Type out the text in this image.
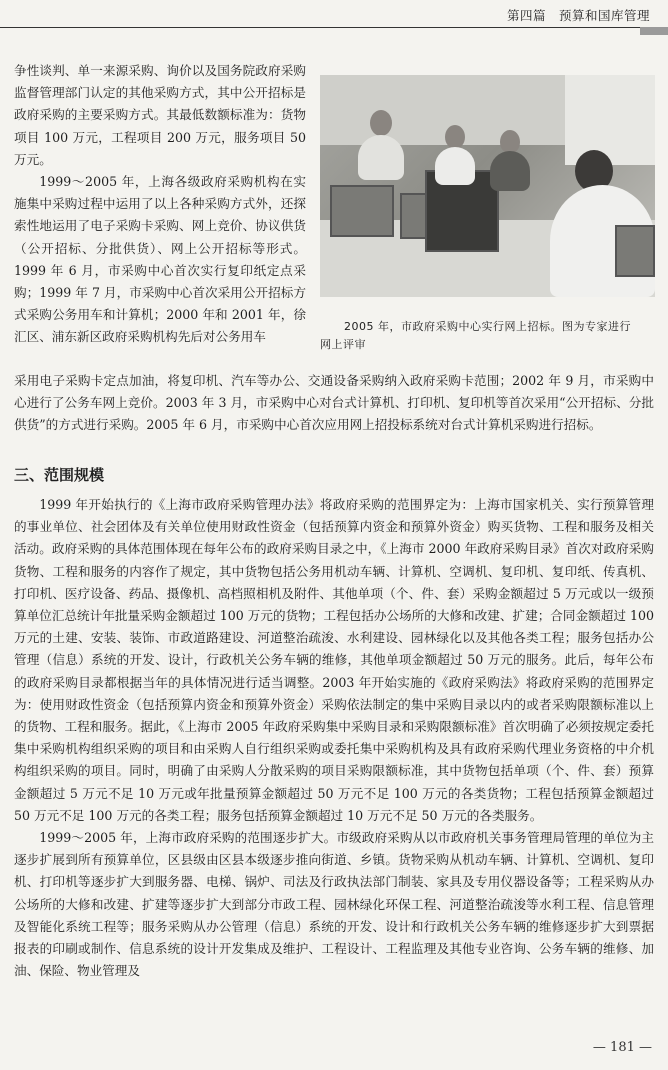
第四篇　预算和国库管理

争性谈判、单一来源采购、询价以及国务院政府采购监督管理部门认定的其他采购方式，其中公开招标是政府采购的主要采购方式。其最低数额标准为：货物项目 100 万元，工程项目 200 万元，服务项目 50 万元。

1999～2005 年，上海各级政府采购机构在实施集中采购过程中运用了以上各种采购方式外，还探索性地运用了电子采购卡采购、网上竞价、协议供货（公开招标、分批供货）、网上公开招标等形式。1999 年 6 月，市采购中心首次实行复印纸定点采购；1999 年 7 月，市采购中心首次采用公开招标方式采购公务用车和计算机；2000 年和 2001 年，徐汇区、浦东新区政府采购机构先后对公务用车

2005 年，市政府采购中心实行网上招标。图为专家进行
网上评审

采用电子采购卡定点加油，将复印机、汽车等办公、交通设备采购纳入政府采购卡范围；2002 年 9 月，市采购中心进行了公务车网上竞价。2003 年 3 月，市采购中心对台式计算机、打印机、复印机等首次采用“公开招标、分批供货”的方式进行采购。2005 年 6 月，市采购中心首次应用网上招投标系统对台式计算机采购进行招标。

三、范围规模

1999 年开始执行的《上海市政府采购管理办法》将政府采购的范围界定为：上海市国家机关、实行预算管理的事业单位、社会团体及有关单位使用财政性资金（包括预算内资金和预算外资金）购买货物、工程和服务及相关活动。政府采购的具体范围体现在每年公布的政府采购目录之中，《上海市 2000 年政府采购目录》首次对政府采购货物、工程和服务的内容作了规定，其中货物包括公务用机动车辆、计算机、空调机、复印机、复印纸、传真机、打印机、医疗设备、药品、摄像机、高档照相机及附件、其他单项（个、件、套）采购金额超过 5 万元或以一级预算单位汇总统计年批量采购金额超过 100 万元的货物；工程包括办公场所的大修和改建、扩建；合同金额超过 100 万元的土建、安装、装饰、市政道路建设、河道整治疏浚、水利建设、园林绿化以及其他各类工程；服务包括办公管理（信息）系统的开发、设计，行政机关公务车辆的维修，其他单项金额超过 50 万元的服务。此后，每年公布的政府采购目录都根据当年的具体情况进行适当调整。2003 年开始实施的《政府采购法》将政府采购的范围界定为：使用财政性资金（包括预算内资金和预算外资金）采购依法制定的集中采购目录以内的或者采购限额标准以上的货物、工程和服务。据此，《上海市 2005 年政府采购集中采购目录和采购限额标准》首次明确了必须按规定委托集中采购机构组织采购的项目和由采购人自行组织采购或委托集中采购机构及具有政府采购代理业务资格的中介机构组织采购的项目。同时，明确了由采购人分散采购的项目采购限额标准，其中货物包括单项（个、件、套）预算金额超过 5 万元不足 10 万元或年批量预算金额超过 50 万元不足 100 万元的各类货物；工程包括预算金额超过 50 万元不足 100 万元的各类工程；服务包括预算金额超过 10 万元不足 50 万元的各类服务。

1999～2005 年，上海市政府采购的范围逐步扩大。市级政府采购从以市政府机关事务管理局管理的单位为主逐步扩展到所有预算单位，区县级由区县本级逐步推向街道、乡镇。货物采购从机动车辆、计算机、空调机、复印机、打印机等逐步扩大到服务器、电梯、锅炉、司法及行政执法部门制装、家具及专用仪器设备等；工程采购从办公场所的大修和改建、扩建等逐步扩大到部分市政工程、园林绿化环保工程、河道整治疏浚等水利工程、信息管理及智能化系统工程等；服务采购从办公管理（信息）系统的开发、设计和行政机关公务车辆的维修逐步扩大到票据报表的印刷或制作、信息系统的设计开发集成及维护、工程设计、工程监理及其他专业咨询、公务车辆的维修、加油、保险、物业管理及

— 181 —
